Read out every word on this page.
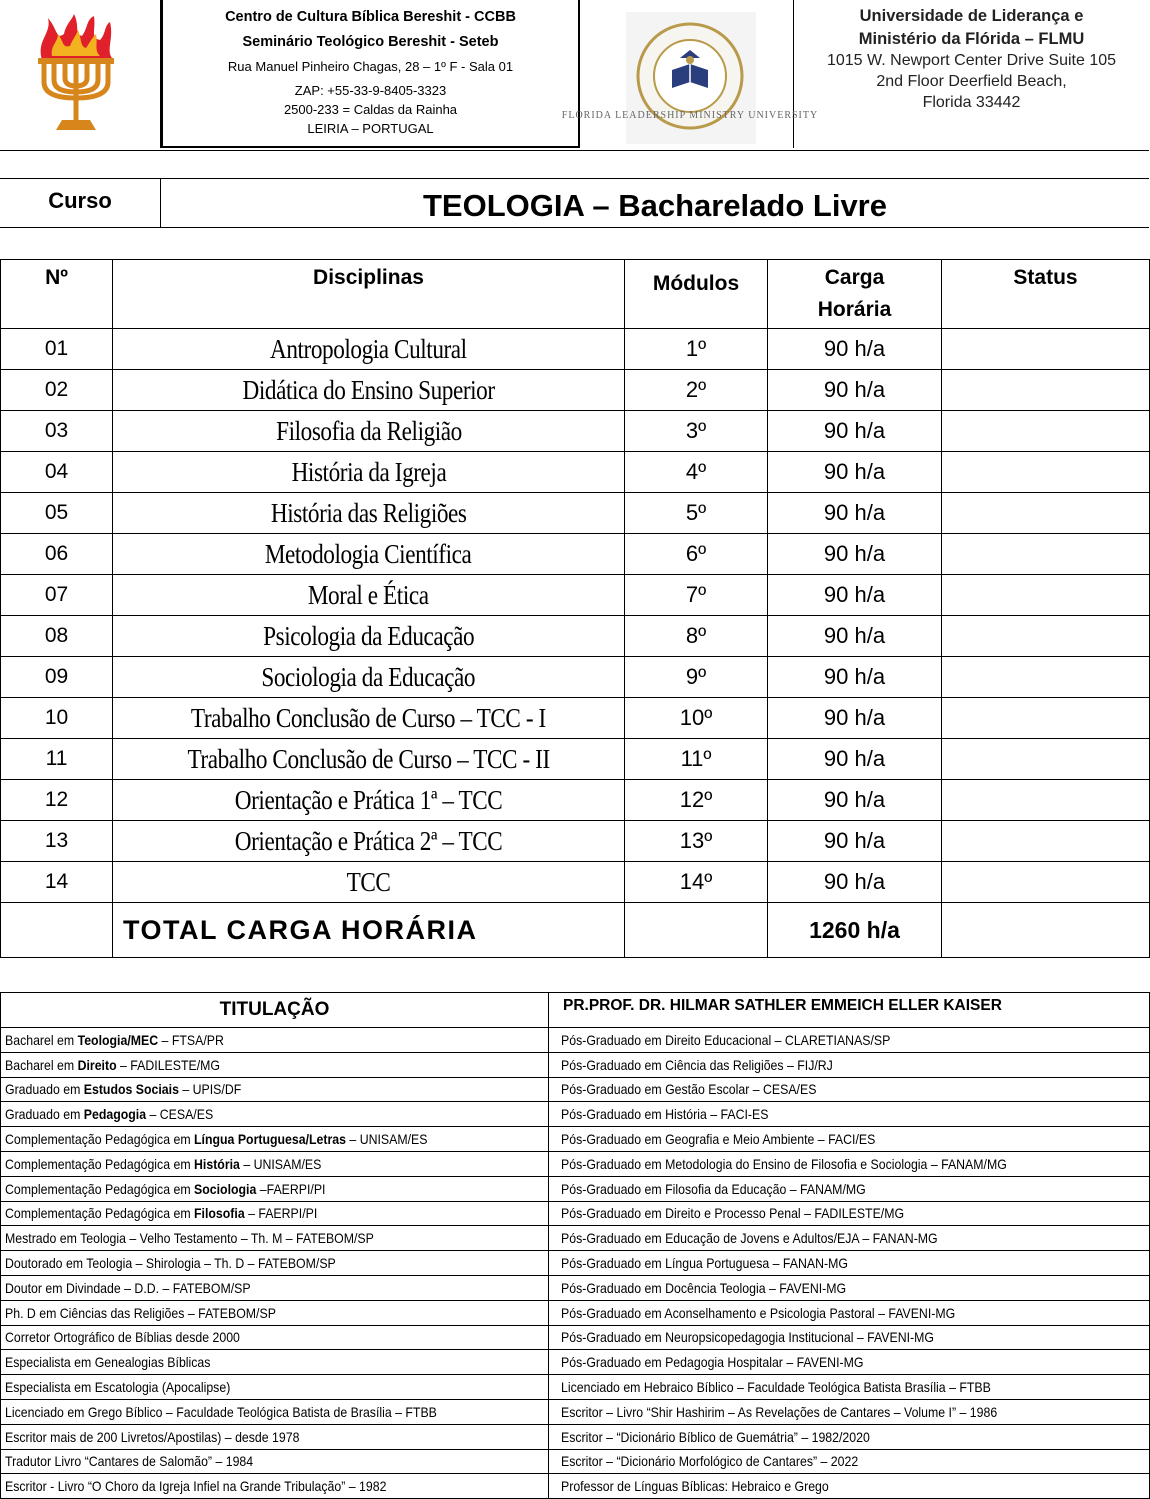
Centro de Cultura Bíblica Bereshit - CCBB
Seminário Teológico Bereshit - Seteb
Rua Manuel Pinheiro Chagas, 28 – 1º F - Sala 01
ZAP: +55-33-9-8405-3323
2500-233 = Caldas da Rainha
LEIRIA – PORTUGAL
FLORIDA LEADERSHIP MINISTRY UNIVERSITY
Universidade de Liderança e
Ministério da Flórida – FLMU
1015 W. Newport Center Drive Suite 105
2nd Floor Deerfield Beach,
Florida 33442
Curso	TEOLOGIA – Bacharelado Livre
Nº	Disciplinas	Módulos	Carga Horária	Status
01	Antropologia Cultural	1º	90 h/a	
02	Didática do Ensino Superior	2º	90 h/a	
03	Filosofia da Religião	3º	90 h/a	
04	História da Igreja	4º	90 h/a	
05	História das Religiões	5º	90 h/a	
06	Metodologia Científica	6º	90 h/a	
07	Moral e Ética	7º	90 h/a	
08	Psicologia da Educação	8º	90 h/a	
09	Sociologia da Educação	9º	90 h/a	
10	Trabalho Conclusão de Curso – TCC - I	10º	90 h/a	
11	Trabalho Conclusão de Curso – TCC - II	11º	90 h/a	
12	Orientação e Prática 1ª – TCC	12º	90 h/a	
13	Orientação e Prática 2ª – TCC	13º	90 h/a	
14	TCC	14º	90 h/a	
	TOTAL CARGA HORÁRIA		1260 h/a	
TITULAÇÃO	PR.PROF. DR. HILMAR SATHLER EMMEICH ELLER KAISER
Bacharel em Teologia/MEC – FTSA/PR	Pós-Graduado em Direito Educacional – CLARETIANAS/SP
Bacharel em Direito – FADILESTE/MG	Pós-Graduado em Ciência das Religiões – FIJ/RJ
Graduado em Estudos Sociais – UPIS/DF	Pós-Graduado em Gestão Escolar – CESA/ES
Graduado em Pedagogia – CESA/ES	Pós-Graduado em História – FACI-ES
Complementação Pedagógica em Língua Portuguesa/Letras – UNISAM/ES	Pós-Graduado em Geografia e Meio Ambiente – FACI/ES
Complementação Pedagógica em História – UNISAM/ES	Pós-Graduado em Metodologia do Ensino de Filosofia e Sociologia – FANAM/MG
Complementação Pedagógica em Sociologia –FAERPI/PI	Pós-Graduado em Filosofia da Educação – FANAM/MG
Complementação Pedagógica em Filosofia – FAERPI/PI	Pós-Graduado em Direito e Processo Penal – FADILESTE/MG
Mestrado em Teologia – Velho Testamento – Th. M – FATEBOM/SP	Pós-Graduado em Educação de Jovens e Adultos/EJA – FANAN-MG
Doutorado em Teologia – Shirologia – Th. D – FATEBOM/SP	Pós-Graduado em Língua Portuguesa – FANAN-MG
Doutor em Divindade – D.D. – FATEBOM/SP	Pós-Graduado em Docência Teologia – FAVENI-MG
Ph. D em Ciências das Religiões – FATEBOM/SP	Pós-Graduado em Aconselhamento e Psicologia Pastoral – FAVENI-MG
Corretor Ortográfico de Bíblias desde 2000	Pós-Graduado em Neuropsicopedagogia Institucional – FAVENI-MG
Especialista em Genealogias Bíblicas	Pós-Graduado em Pedagogia Hospitalar – FAVENI-MG
Especialista em Escatologia (Apocalipse)	Licenciado em Hebraico Bíblico – Faculdade Teológica Batista Brasília – FTBB
Licenciado em Grego Bíblico – Faculdade Teológica Batista de Brasília – FTBB	Escritor – Livro “Shir Hashirim – As Revelações de Cantares – Volume I” – 1986
Escritor mais de 200 Livretos/Apostilas) – desde 1978	Escritor – “Dicionário Bíblico de Guemátria” – 1982/2020
Tradutor Livro “Cantares de Salomão” – 1984	Escritor – “Dicionário Morfológico de Cantares” – 2022
Escritor - Livro “O Choro da Igreja Infiel na Grande Tribulação” – 1982	Professor de Línguas Bíblicas: Hebraico e Grego
